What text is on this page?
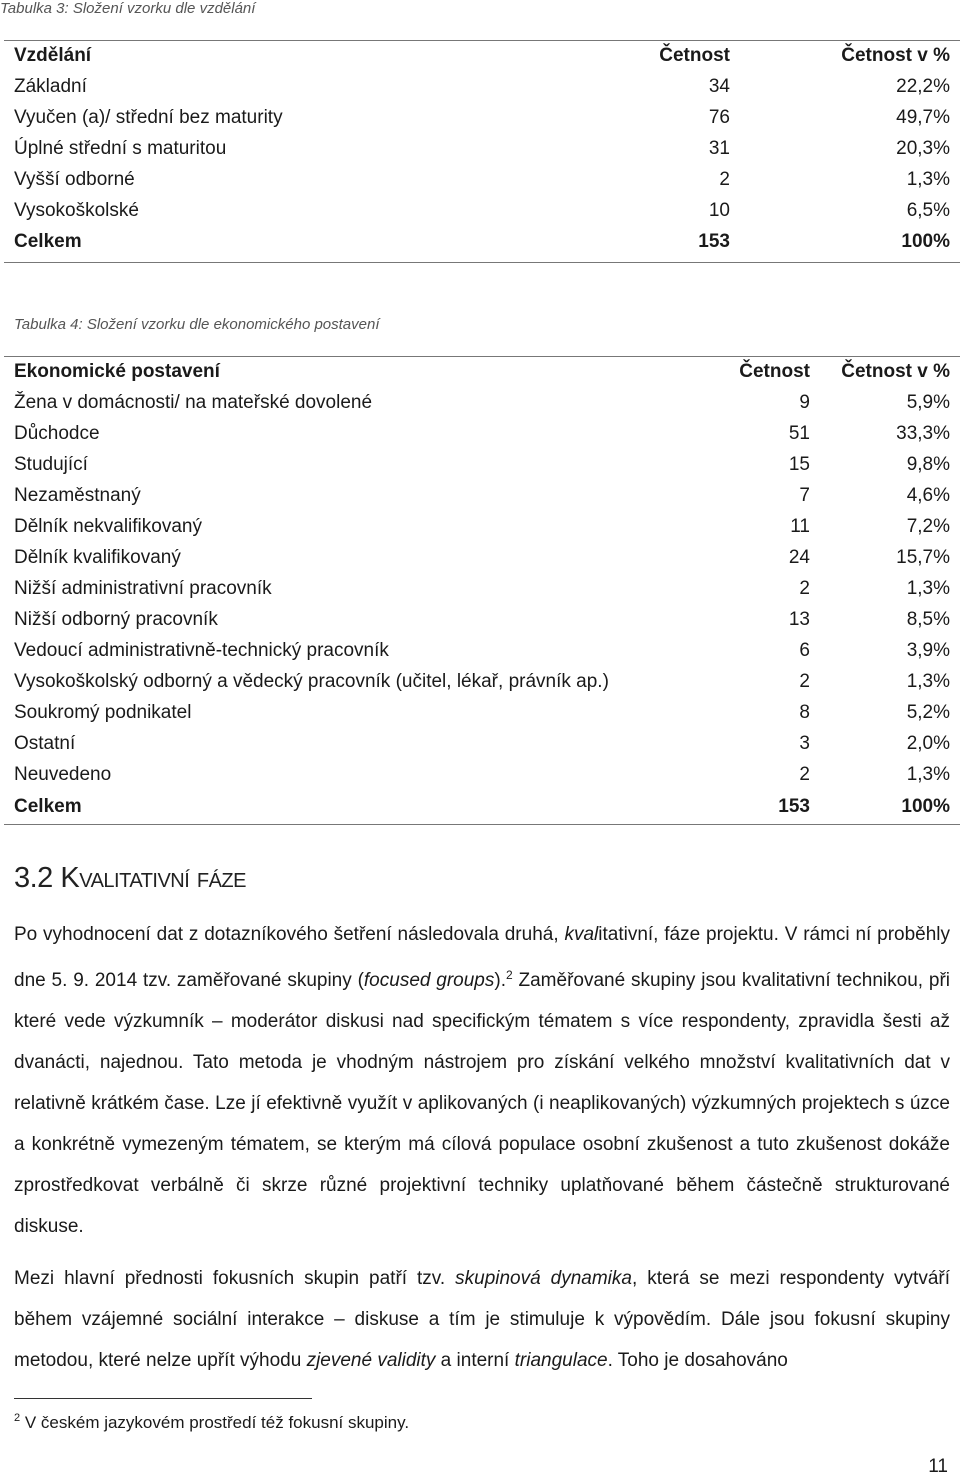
Tabulka 3: Složení vzorku dle vzdělání
Vzdělání	Četnost	Četnost v %
Základní	34	22,2%
Vyučen (a)/ střední bez maturity	76	49,7%
Úplné střední s maturitou	31	20,3%
Vyšší odborné	2	1,3%
Vysokoškolské	10	6,5%
Celkem	153	100%
Tabulka 4: Složení vzorku dle ekonomického postavení
Ekonomické postavení	Četnost	Četnost v %
Žena v domácnosti/ na mateřské dovolené	9	5,9%
Důchodce	51	33,3%
Studující	15	9,8%
Nezaměstnaný	7	4,6%
Dělník nekvalifikovaný	11	7,2%
Dělník kvalifikovaný	24	15,7%
Nižší administrativní pracovník	2	1,3%
Nižší odborný pracovník	13	8,5%
Vedoucí administrativně-technický pracovník	6	3,9%
Vysokoškolský odborný a vědecký pracovník (učitel, lékař, právník ap.)	2	1,3%
Soukromý podnikatel	8	5,2%
Ostatní	3	2,0%
Neuvedeno	2	1,3%
Celkem	153	100%
3.2 Kvalitativní fáze

Po vyhodnocení dat z dotazníkového šetření následovala druhá, kvalitativní, fáze projektu. V rámci ní proběhly dne 5. 9. 2014 tzv. zaměřované skupiny (focused groups).$^2$ Zaměřované skupiny jsou kvalitativní technikou, při které vede výzkumník – moderátor diskusi nad specifickým tématem s více respondenty, zpravidla šesti až dvanácti, najednou. Tato metoda je vhodným nástrojem pro získání velkého množství kvalitativních dat v relativně krátkém čase. Lze jí efektivně využít v aplikovaných (i neaplikovaných) výzkumných projektech s úzce a konkrétně vymezeným tématem, se kterým má cílová populace osobní zkušenost a tuto zkušenost dokáže zprostředkovat verbálně či skrze různé projektivní techniky uplatňované během částečně strukturované diskuse.

Mezi hlavní přednosti fokusních skupin patří tzv. skupinová dynamika, která se mezi respondenty vytváří během vzájemné sociální interakce – diskuse a tím je stimuluje k výpovědím. Dále jsou fokusní skupiny metodou, které nelze upřít výhodu zjevené validity a interní triangulace. Toho je dosahováno

$^2$ V českém jazykovém prostředí též fokusní skupiny.
11
